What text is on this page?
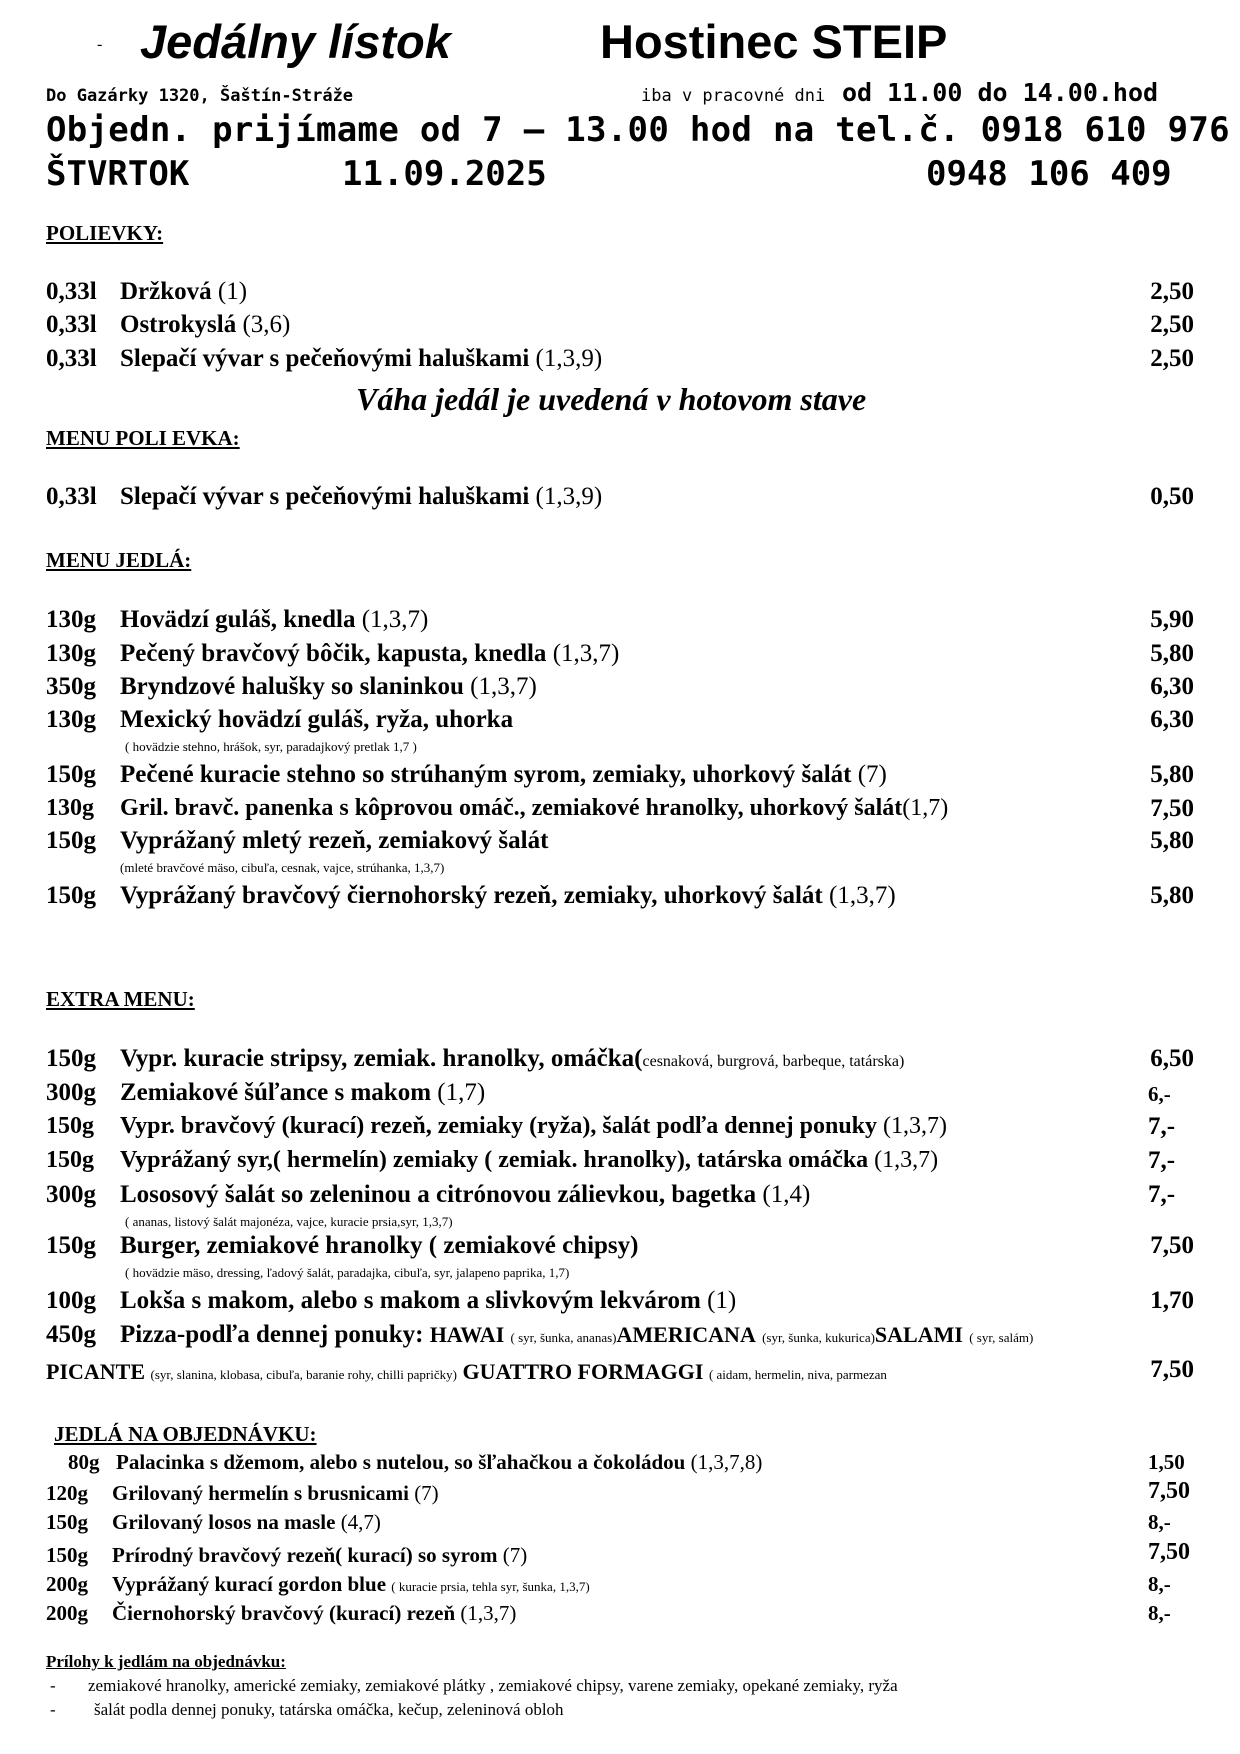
- Jedálny lístok	Hostinec STEIP
Do Gazárky 1320, Šaštín-Stráže	iba v pracovné dni od 11.00 do 14.00.hod
Objedn. prijímame od 7 – 13.00 hod na tel.č. 0918 610 976
ŠTVRTOK	11.09.2025	0948 106 409
POLIEVKY:
0,33l Držková (1)	2,50
0,33l Ostrokyslá (3,6)	2,50
0,33l Slepačí vývar s pečeňovými haluškami (1,3,9)	2,50
Váha jedál je uvedená v hotovom stave
MENU POLI EVKA:
0,33l Slepačí vývar s pečeňovými haluškami (1,3,9)	0,50
MENU JEDLÁ:
130g Hovädzí guláš, knedla (1,3,7)	5,90
130g Pečený bravčový bôčik, kapusta, knedla (1,3,7)	5,80
350g Bryndzové halušky so slaninkou (1,3,7)	6,30
130g Mexický hovädzí guláš, ryža, uhorka	6,30
( hovädzie stehno, hrášok, syr, paradajkový pretlak 1,7 )
150g Pečené kuracie stehno so strúhaným syrom, zemiaky, uhorkový šalát (7)	5,80
130g Gril. bravč. panenka s kôprovou omáč., zemiakové hranolky, uhorkový šalát(1,7)	7,50
150g Vyprážaný mletý rezeň, zemiakový šalát	5,80
(mleté bravčové mäso, cibuľa, cesnak, vajce, strúhanka, 1,3,7)
150g Vyprážaný bravčový čiernohorský rezeň, zemiaky, uhorkový šalát (1,3,7)	5,80
EXTRA MENU:
150g Vypr. kuracie stripsy, zemiak. hranolky, omáčka(cesnaková, burgrová, barbeque, tatárska)	6,50
300g Zemiakové šúľance s makom (1,7)	6,-
150g Vypr. bravčový (kurací) rezeň, zemiaky (ryža), šalát podľa dennej ponuky (1,3,7)	7,-
150g Vyprážaný syr,( hermelín) zemiaky ( zemiak. hranolky), tatárska omáčka (1,3,7)	7,-
300g Lososový šalát so zeleninou a citrónovou zálievkou, bagetka (1,4)	7,-
( ananas, listový šalát majonéza, vajce, kuracie prsia,syr, 1,3,7)
150g Burger, zemiakové hranolky ( zemiakové chipsy)	7,50
( hovädzie mäso, dressing, ľadový šalát, paradajka, cibuľa, syr, jalapeno paprika, 1,7)
100g Lokša s makom, alebo s makom a slivkovým lekvárom (1)	1,70
450g Pizza-podľa dennej ponuky: HAWAI ( syr, šunka, ananas)AMERICANA (syr, šunka, kukurica)SALAMI ( syr, salám)
PICANTE (syr, slanina, klobasa, cibuľa, baranie rohy, chilli papričky) GUATTRO FORMAGGI ( aidam, hermelin, niva, parmezan	7,50
JEDLÁ NA OBJEDNÁVKU:
80g Palacinka s džemom, alebo s nutelou, so šľahačkou a čokoládou (1,3,7,8)	1,50
120g Grilovaný hermelín s brusnicami (7)	7,50
150g Grilovaný losos na masle (4,7)	8,-
150g Prírodný bravčový rezeň( kurací) so syrom (7)	7,50
200g Vyprážaný kurací gordon blue ( kuracie prsia, tehla syr, šunka, 1,3,7)	8,-
200g Čiernohorský bravčový (kurací) rezeň (1,3,7)	8,-
Prílohy k jedlám na objednávku:
- zemiakové hranolky, americké zemiaky, zemiakové plátky , zemiakové chipsy, varene zemiaky, opekané zemiaky, ryža
- šalát podla dennej ponuky, tatárska omáčka, kečup, zeleninová obloh
